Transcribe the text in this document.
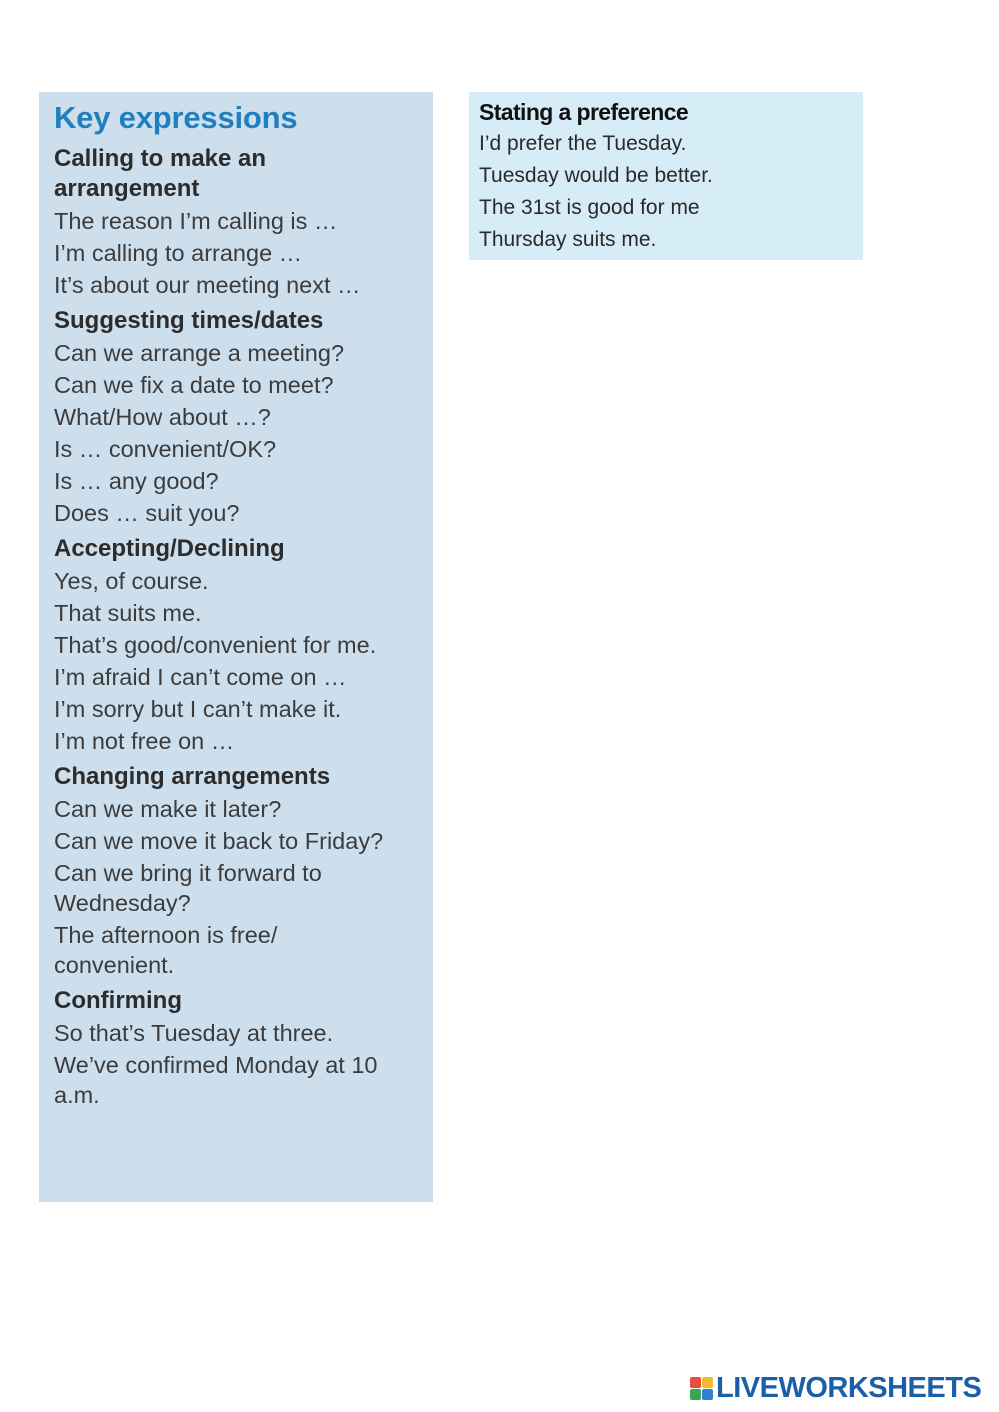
Key expressions
Calling to make an arrangement
The reason I’m calling is …
I’m calling to arrange …
It’s about our meeting next …
Suggesting times/dates
Can we arrange a meeting?
Can we fix a date to meet?
What/How about …?
Is … convenient/OK?
Is … any good?
Does … suit you?
Accepting/Declining
Yes, of course.
That suits me.
That’s good/convenient for me.
I’m afraid I can’t come on …
I’m sorry but I can’t make it.
I’m not free on …
Changing arrangements
Can we make it later?
Can we move it back to Friday?
Can we bring it forward to Wednesday?
The afternoon is free/ convenient.
Confirming
So that’s Tuesday at three.
We’ve confirmed Monday at 10 a.m.
Stating a preference
I’d prefer the Tuesday.
Tuesday would be better.
The 31st is good for me
Thursday suits me.
LIVEWORKSHEETS
